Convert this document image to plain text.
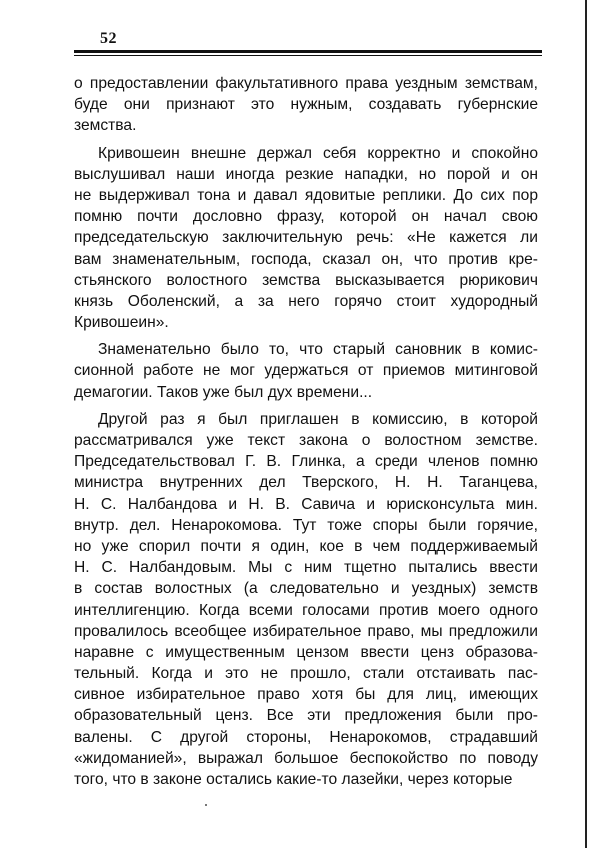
52
о предоставлении факультативного права уездным земствам,
буде они признают это нужным, создавать губернские
земства.
Кривошеин внешне держал себя корректно и спокойно
выслушивал наши иногда резкие нападки, но порой и он
не выдерживал тона и давал ядовитые реплики. До сих пор
помню почти дословно фразу, которой он начал свою
председательскую заключительную речь: «Не кажется ли
вам знаменательным, господа, сказал он, что против кре-
стьянского волостного земства высказывается рюрикович
князь Оболенский, а за него горячо стоит худородный
Кривошеин».
Знаменательно было то, что старый сановник в комис-
сионной работе не мог удержаться от приемов митинговой
демагогии. Таков уже был дух времени...
Другой раз я был приглашен в комиссию, в которой
рассматривался уже текст закона о волостном земстве.
Председательствовал Г. В. Глинка, а среди членов помню
министра внутренних дел Тверского, Н. Н. Таганцева,
Н. С. Налбандова и Н. В. Савича и юрисконсульта мин.
внутр. дел. Ненарокомова. Тут тоже споры были горячие,
но уже спорил почти я один, кое в чем поддерживаемый
Н. С. Налбандовым. Мы с ним тщетно пытались ввести
в состав волостных (а следовательно и уездных) земств
интеллигенцию. Когда всеми голосами против моего одного
провалилось всеобщее избирательное право, мы предложили
наравне с имущественным цензом ввести ценз образова-
тельный. Когда и это не прошло, стали отстаивать пас-
сивное избирательное право хотя бы для лиц, имеющих
образовательный ценз. Все эти предложения были про-
валены. С другой стороны, Ненарокомов, страдавший
«жидоманией», выражал большое беспокойство по поводу
того, что в законе остались какие-то лазейки, через которые
